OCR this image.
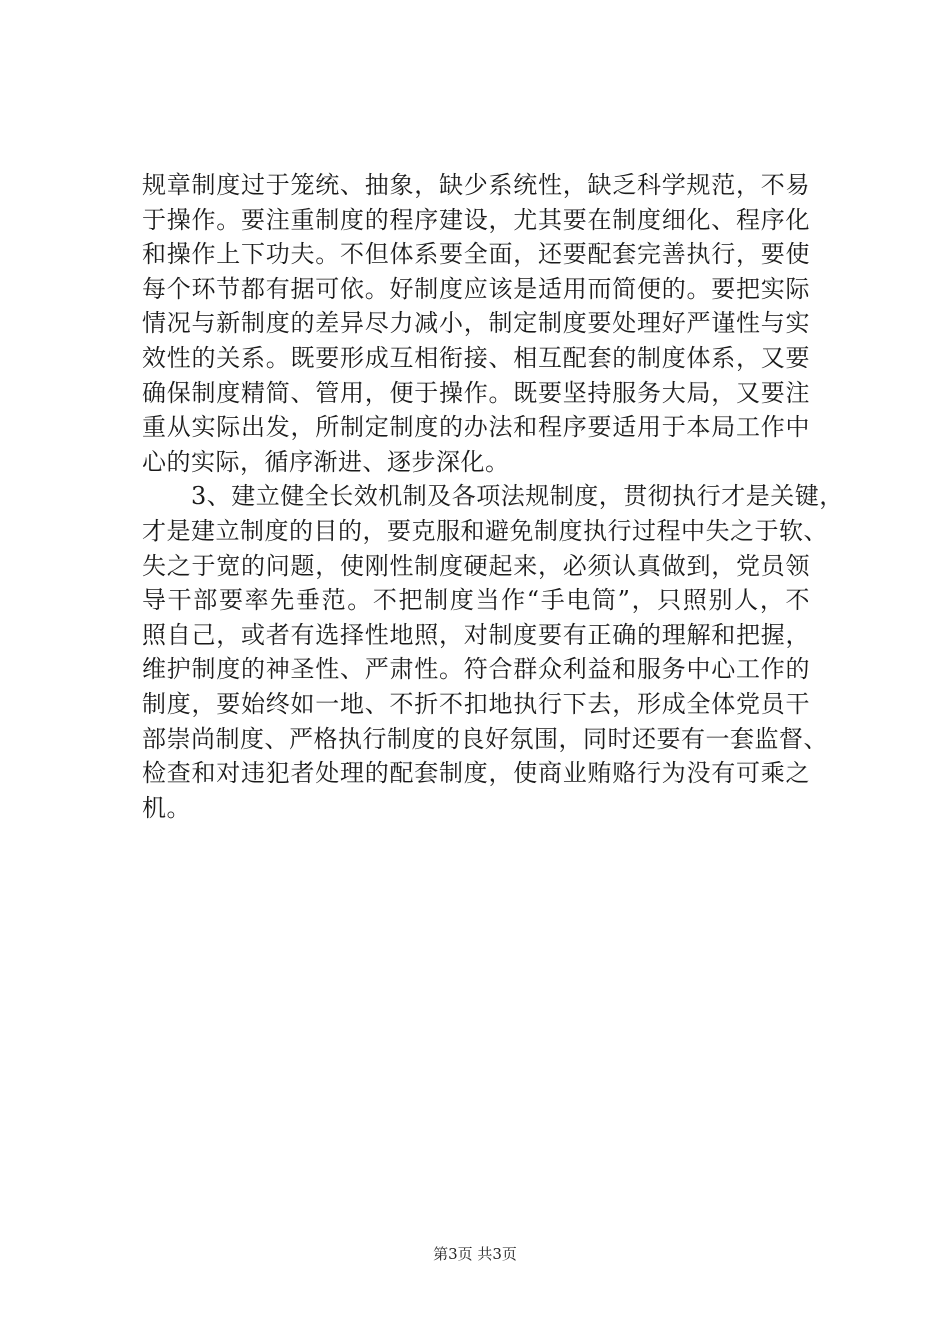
规章制度过于笼统、抽象，缺少系统性，缺乏科学规范，不易
于操作。要注重制度的程序建设，尤其要在制度细化、程序化
和操作上下功夫。不但体系要全面，还要配套完善执行，要使
每个环节都有据可依。好制度应该是适用而简便的。要把实际
情况与新制度的差异尽力减小，制定制度要处理好严谨性与实
效性的关系。既要形成互相衔接、相互配套的制度体系，又要
确保制度精简、管用，便于操作。既要坚持服务大局，又要注
重从实际出发，所制定制度的办法和程序要适用于本局工作中
心的实际，循序渐进、逐步深化。
　　3、建立健全长效机制及各项法规制度，贯彻执行才是关键，
才是建立制度的目的，要克服和避免制度执行过程中失之于软、
失之于宽的问题，使刚性制度硬起来，必须认真做到，党员领
导干部要率先垂范。不把制度当作“手电筒”，只照别人，不
照自己，或者有选择性地照，对制度要有正确的理解和把握，
维护制度的神圣性、严肃性。符合群众利益和服务中心工作的
制度，要始终如一地、不折不扣地执行下去，形成全体党员干
部崇尚制度、严格执行制度的良好氛围，同时还要有一套监督、
检查和对违犯者处理的配套制度，使商业贿赂行为没有可乘之
机。
第3页 共3页
